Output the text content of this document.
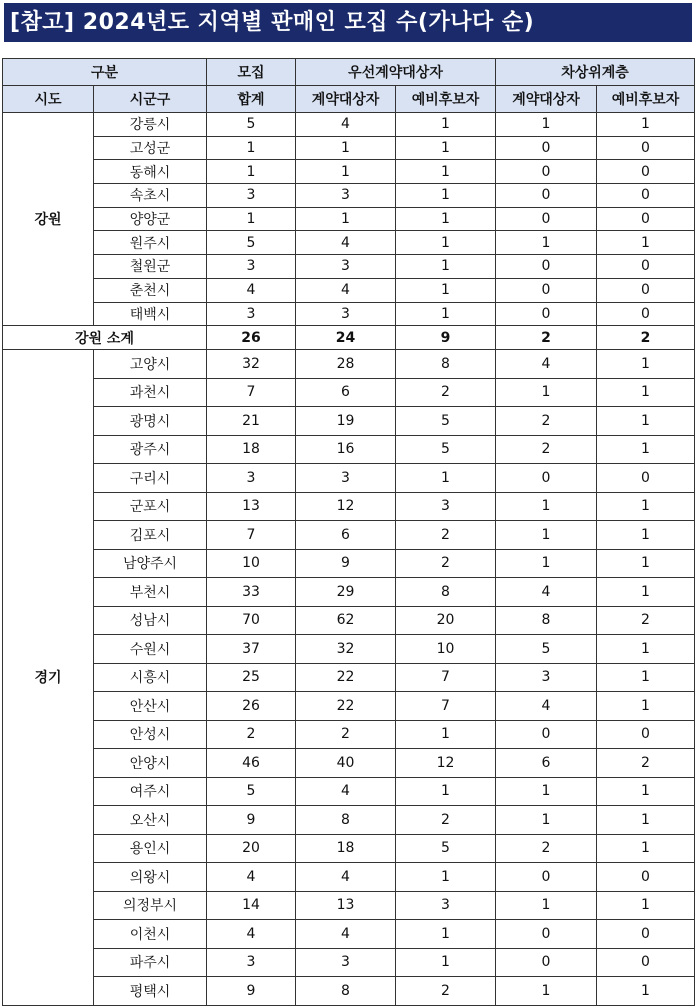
[참고] 2024년도 지역별 판매인 모집 수(가나다 순)
구분		모집	우선계약대상자		차상위계층	
시도	시군구	합계	계약대상자	예비후보자	계약대상자	예비후보자
강원	강릉시	5	4	1	1	1
	고성군	1	1	1	0	0
	동해시	1	1	1	0	0
	속초시	3	3	1	0	0
	양양군	1	1	1	0	0
	원주시	5	4	1	1	1
	철원군	3	3	1	0	0
	춘천시	4	4	1	0	0
	태백시	3	3	1	0	0
강원 소계		26	24	9	2	2
경기	고양시	32	28	8	4	1
	과천시	7	6	2	1	1
	광명시	21	19	5	2	1
	광주시	18	16	5	2	1
	구리시	3	3	1	0	0
	군포시	13	12	3	1	1
	김포시	7	6	2	1	1
	남양주시	10	9	2	1	1
	부천시	33	29	8	4	1
	성남시	70	62	20	8	2
	수원시	37	32	10	5	1
	시흥시	25	22	7	3	1
	안산시	26	22	7	4	1
	안성시	2	2	1	0	0
	안양시	46	40	12	6	2
	여주시	5	4	1	1	1
	오산시	9	8	2	1	1
	용인시	20	18	5	2	1
	의왕시	4	4	1	0	0
	의정부시	14	13	3	1	1
	이천시	4	4	1	0	0
	파주시	3	3	1	0	0
	평택시	9	8	2	1	1
